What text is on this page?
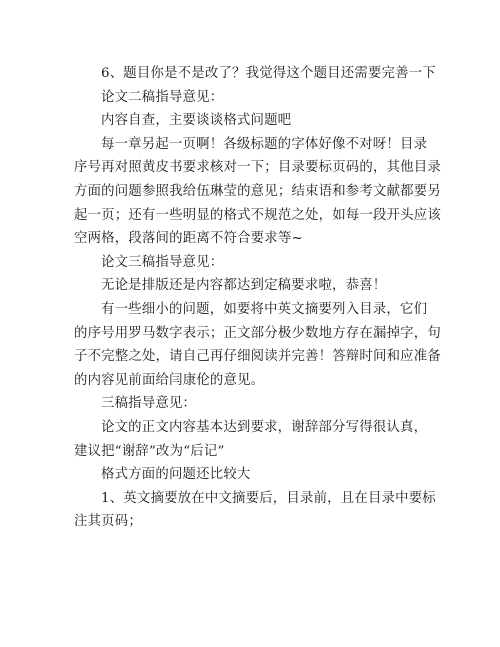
6、题目你是不是改了？我觉得这个题目还需要完善一下
论文二稿指导意见：
内容自查，主要谈谈格式问题吧
每一章另起一页啊！各级标题的字体好像不对呀！目录
序号再对照黄皮书要求核对一下；目录要标页码的，其他目录
方面的问题参照我给伍琳莹的意见；结束语和参考文献都要另
起一页；还有一些明显的格式不规范之处，如每一段开头应该
空两格，段落间的距离不符合要求等~
论文三稿指导意见：
无论是排版还是内容都达到定稿要求啦，恭喜！
有一些细小的问题，如要将中英文摘要列入目录，它们
的序号用罗马数字表示；正文部分极少数地方存在漏掉字，句
子不完整之处，请自己再仔细阅读并完善！答辩时间和应准备
的内容见前面给闫康伦的意见。
三稿指导意见：
论文的正文内容基本达到要求，谢辞部分写得很认真，
建议把“谢辞”改为“后记”
格式方面的问题还比较大
1、英文摘要放在中文摘要后，目录前，且在目录中要标
注其页码；
